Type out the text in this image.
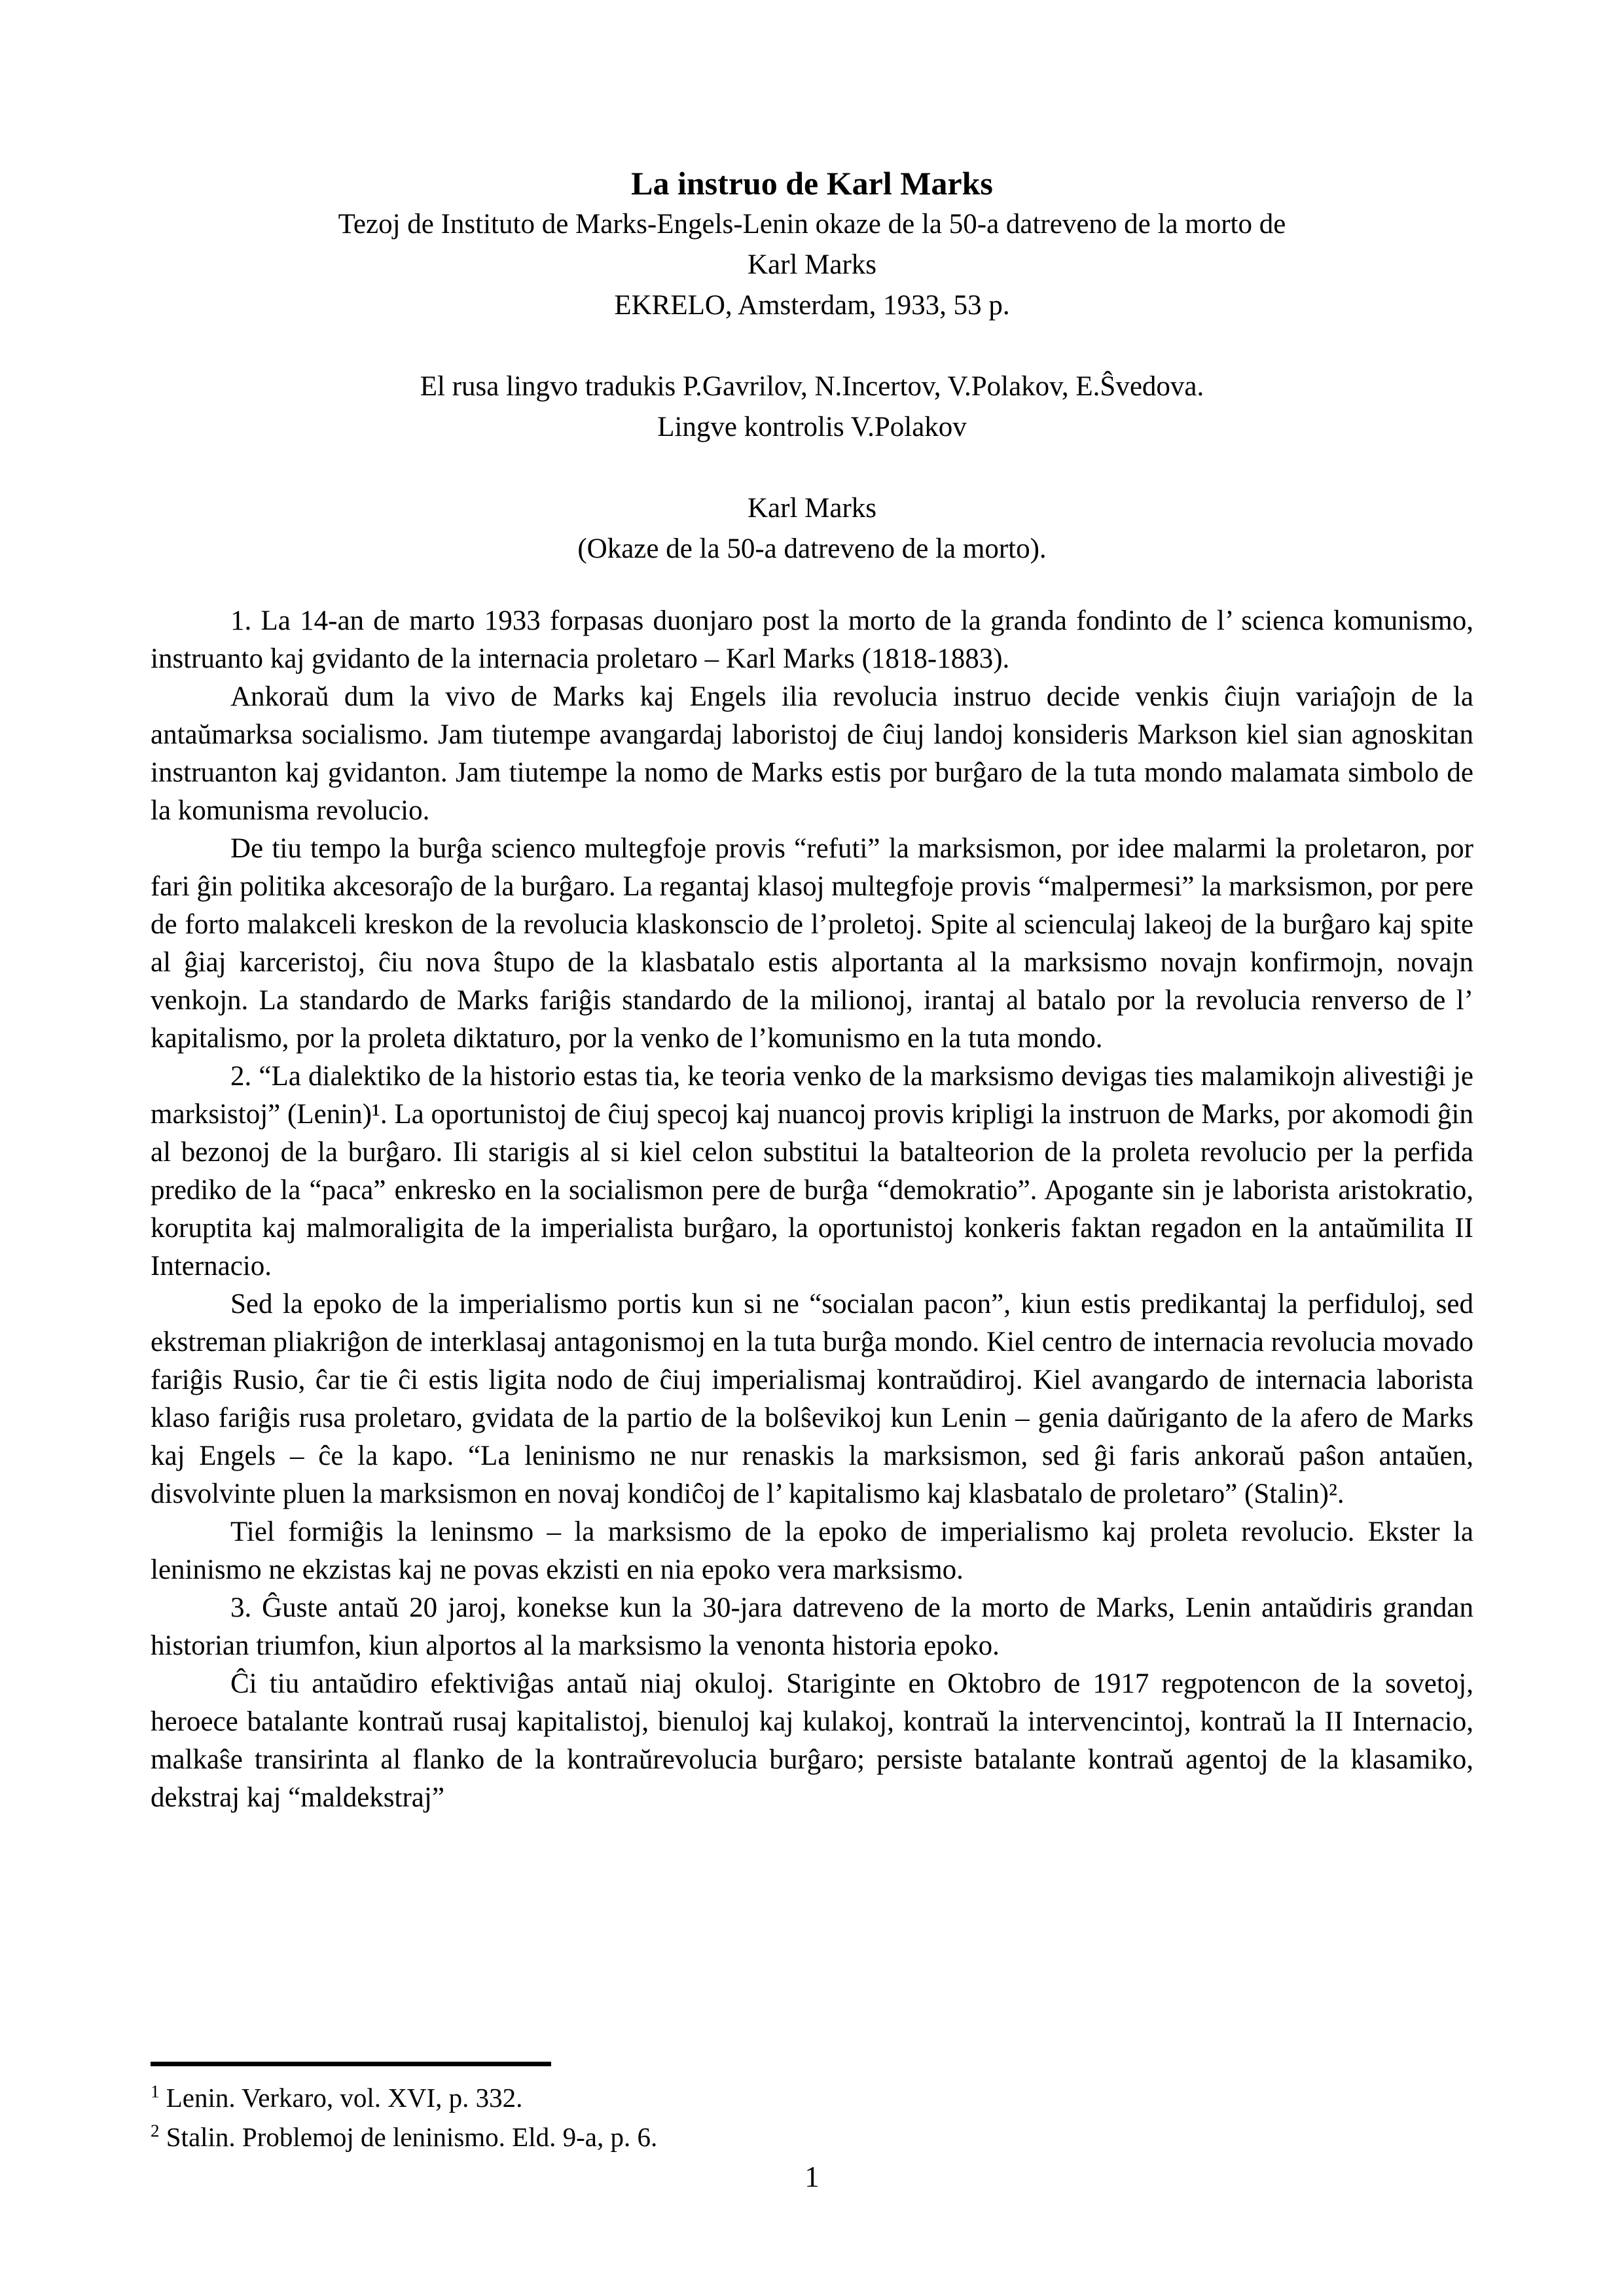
La instruo de Karl Marks
Tezoj de Instituto de Marks-Engels-Lenin okaze de la 50-a datreveno de la morto de
Karl Marks
EKRELO, Amsterdam, 1933, 53 p.
El rusa lingvo tradukis P.Gavrilov, N.Incertov, V.Polakov, E.Ŝvedova.
Lingve kontrolis V.Polakov
Karl Marks
(Okaze de la 50-a datreveno de la morto).

1. La 14-an de marto 1933 forpasas duonjaro post la morto de la granda fondinto de l’ scienca komunismo, instruanto kaj gvidanto de la internacia proletaro – Karl Marks (1818-1883).

Ankoraŭ dum la vivo de Marks kaj Engels ilia revolucia instruo decide venkis ĉiujn variaĵojn de la antaŭmarksa socialismo. Jam tiutempe avangardaj laboristoj de ĉiuj landoj konsideris Markson kiel sian agnoskitan instruanton kaj gvidanton. Jam tiutempe la nomo de Marks estis por burĝaro de la tuta mondo malamata simbolo de la komunisma revolucio.

De tiu tempo la burĝa scienco multegfoje provis “refuti” la marksismon, por idee malarmi la proletaron, por fari ĝin politika akcesoraĵo de la burĝaro. La regantaj klasoj multegfoje provis “malpermesi” la marksismon, por pere de forto malakceli kreskon de la revolucia klaskonscio de l’proletoj. Spite al scienculaj lakeoj de la burĝaro kaj spite al ĝiaj karceristoj, ĉiu nova ŝtupo de la klasbatalo estis alportanta al la marksismo novajn konfirmojn, novajn venkojn. La standardo de Marks fariĝis standardo de la milionoj, irantaj al batalo por la revolucia renverso de l’ kapitalismo, por la proleta diktaturo, por la venko de l’komunismo en la tuta mondo.

2. “La dialektiko de la historio estas tia, ke teoria venko de la marksismo devigas ties malamikojn alivestiĝi je marksistoj” (Lenin)¹. La oportunistoj de ĉiuj specoj kaj nuancoj provis kripligi la instruon de Marks, por akomodi ĝin al bezonoj de la burĝaro. Ili starigis al si kiel celon substitui la batalteorion de la proleta revolucio per la perfida prediko de la “paca” enkresko en la socialismon pere de burĝa “demokratio”. Apogante sin je laborista aristokratio, koruptita kaj malmoraligita de la imperialista burĝaro, la oportunistoj konkeris faktan regadon en la antaŭmilita II Internacio.

Sed la epoko de la imperialismo portis kun si ne “socialan pacon”, kiun estis predikantaj la perfiduloj, sed ekstreman pliakriĝon de interklasaj antagonismoj en la tuta burĝa mondo. Kiel centro de internacia revolucia movado fariĝis Rusio, ĉar tie ĉi estis ligita nodo de ĉiuj imperialismaj kontraŭdiroj. Kiel avangardo de internacia laborista klaso fariĝis rusa proletaro, gvidata de la partio de la bolŝevikoj kun Lenin – genia daŭriganto de la afero de Marks kaj Engels – ĉe la kapo. “La leninismo ne nur renaskis la marksismon, sed ĝi faris ankoraŭ paŝon antaŭen, disvolvinte pluen la marksismon en novaj kondiĉoj de l’ kapitalismo kaj klasbatalo de proletaro” (Stalin)².

Tiel formiĝis la leninsmo – la marksismo de la epoko de imperialismo kaj proleta revolucio. Ekster la leninismo ne ekzistas kaj ne povas ekzisti en nia epoko vera marksismo.

3. Ĝuste antaŭ 20 jaroj, konekse kun la 30-jara datreveno de la morto de Marks, Lenin antaŭdiris grandan historian triumfon, kiun alportos al la marksismo la venonta historia epoko.

Ĉi tiu antaŭdiro efektiviĝas antaŭ niaj okuloj. Stariginte en Oktobro de 1917 regpotencon de la sovetoj, heroece batalante kontraŭ rusaj kapitalistoj, bienuloj kaj kulakoj, kontraŭ la intervencintoj, kontraŭ la II Internacio, malkaŝe transirinta al flanko de la kontraŭrevolucia burĝaro; persiste batalante kontraŭ agentoj de la klasamiko, dekstraj kaj “maldekstraj”

$^1$ Lenin. Verkaro, vol. XVI, p. 332.
$^2$ Stalin. Problemoj de leninismo. Eld. 9-a, p. 6.
1
